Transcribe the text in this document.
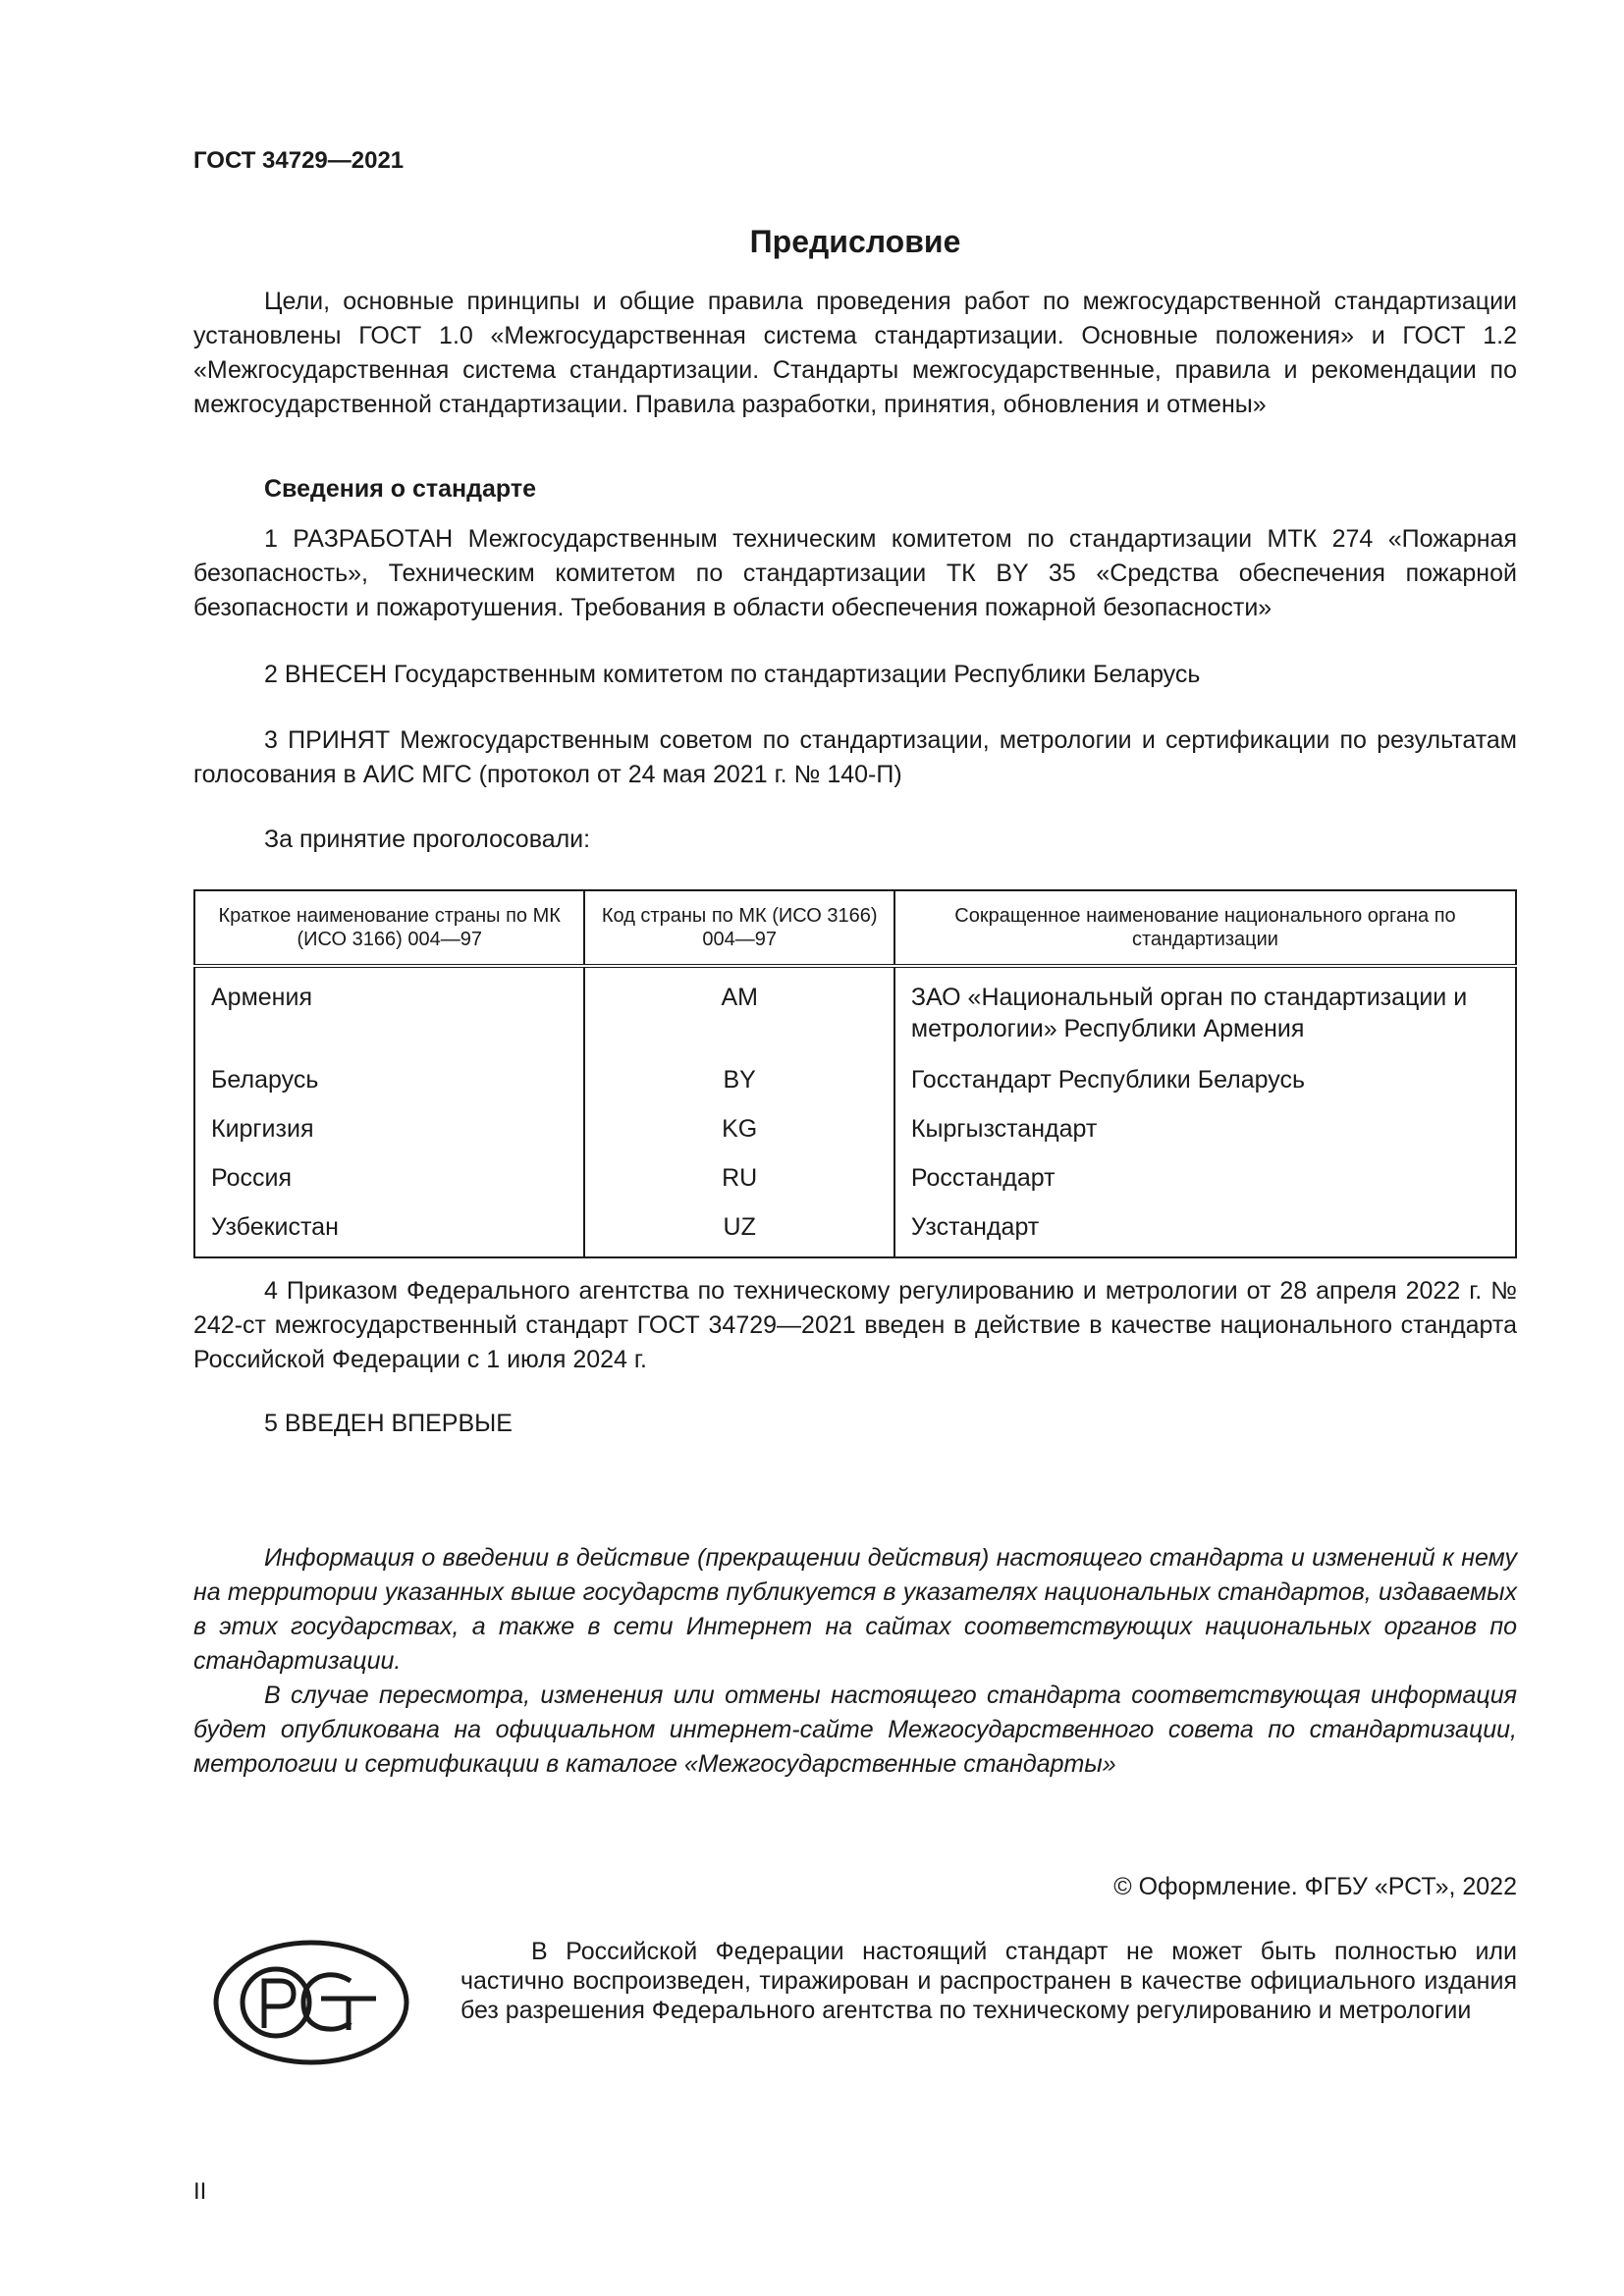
ГОСТ 34729—2021
Предисловие

Цели, основные принципы и общие правила проведения работ по межгосударственной стандартизации установлены ГОСТ 1.0 «Межгосударственная система стандартизации. Основные положения» и ГОСТ 1.2 «Межгосударственная система стандартизации. Стандарты межгосударственные, правила и рекомендации по межгосударственной стандартизации. Правила разработки, принятия, обновления и отмены»

Сведения о стандарте

1 РАЗРАБОТАН Межгосударственным техническим комитетом по стандартизации МТК 274 «Пожарная безопасность», Техническим комитетом по стандартизации ТК BY 35 «Средства обеспечения пожарной безопасности и пожаротушения. Требования в области обеспечения пожарной безопасности»

2 ВНЕСЕН Государственным комитетом по стандартизации Республики Беларусь

3 ПРИНЯТ Межгосударственным советом по стандартизации, метрологии и сертификации по результатам голосования в АИС МГС (протокол от 24 мая 2021 г. № 140-П)

За принятие проголосовали:

Краткое наименование страны по МК (ИСО 3166) 004—97	Код страны по МК (ИСО 3166) 004—97	Сокращенное наименование национального органа по стандартизации
Армения	AM	ЗАО «Национальный орган по стандартизации и метрологии» Республики Армения
Беларусь	BY	Госстандарт Республики Беларусь
Киргизия	KG	Кыргызстандарт
Россия	RU	Росстандарт
Узбекистан	UZ	Узстандарт

4 Приказом Федерального агентства по техническому регулированию и метрологии от 28 апреля 2022 г. № 242-ст межгосударственный стандарт ГОСТ 34729—2021 введен в действие в качестве национального стандарта Российской Федерации с 1 июля 2024 г.

5 ВВЕДЕН ВПЕРВЫЕ

Информация о введении в действие (прекращении действия) настоящего стандарта и изменений к нему на территории указанных выше государств публикуется в указателях национальных стандартов, издаваемых в этих государствах, а также в сети Интернет на сайтах соответствующих национальных органов по стандартизации.

В случае пересмотра, изменения или отмены настоящего стандарта соответствующая информация будет опубликована на официальном интернет-сайте Межгосударственного совета по стандартизации, метрологии и сертификации в каталоге «Межгосударственные стандарты»

© Оформление. ФГБУ «РСТ», 2022

В Российской Федерации настоящий стандарт не может быть полностью или частично воспроизведен, тиражирован и распространен в качестве официального издания без разрешения Федерального агентства по техническому регулированию и метрологии

II
